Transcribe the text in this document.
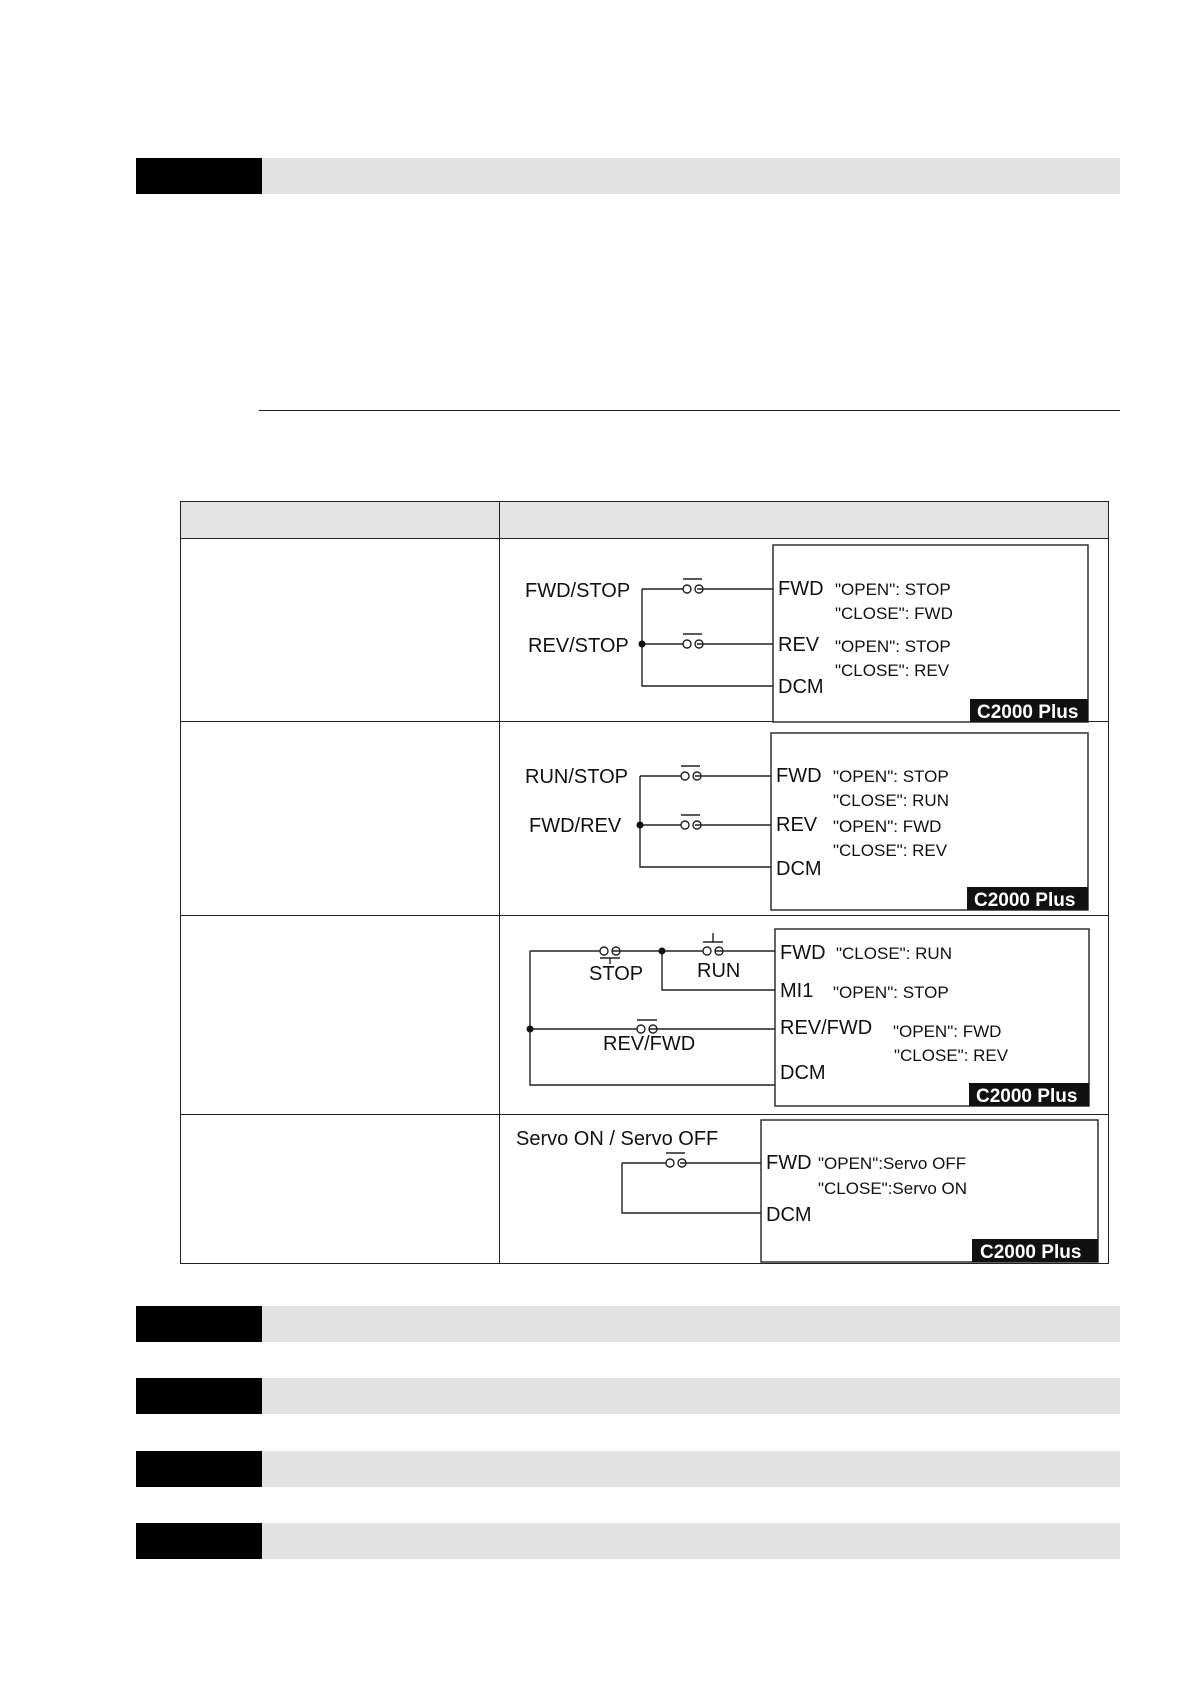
FWD/STOP
REV/STOP
FWD
REV
DCM
"OPEN": STOP
"CLOSE": FWD
"OPEN": STOP
"CLOSE": REV
C2000 Plus
RUN/STOP
FWD/REV
FWD
REV
DCM
"OPEN": STOP
"CLOSE": RUN
"OPEN": FWD
"CLOSE": REV
C2000 Plus
STOP	RUN
REV/FWD
FWD
MI1
REV/FWD
DCM
"CLOSE": RUN
"OPEN": STOP
"OPEN": FWD
"CLOSE": REV
C2000 Plus
Servo ON / Servo OFF
FWD
DCM
"OPEN":Servo OFF
"CLOSE":Servo ON
C2000 Plus
